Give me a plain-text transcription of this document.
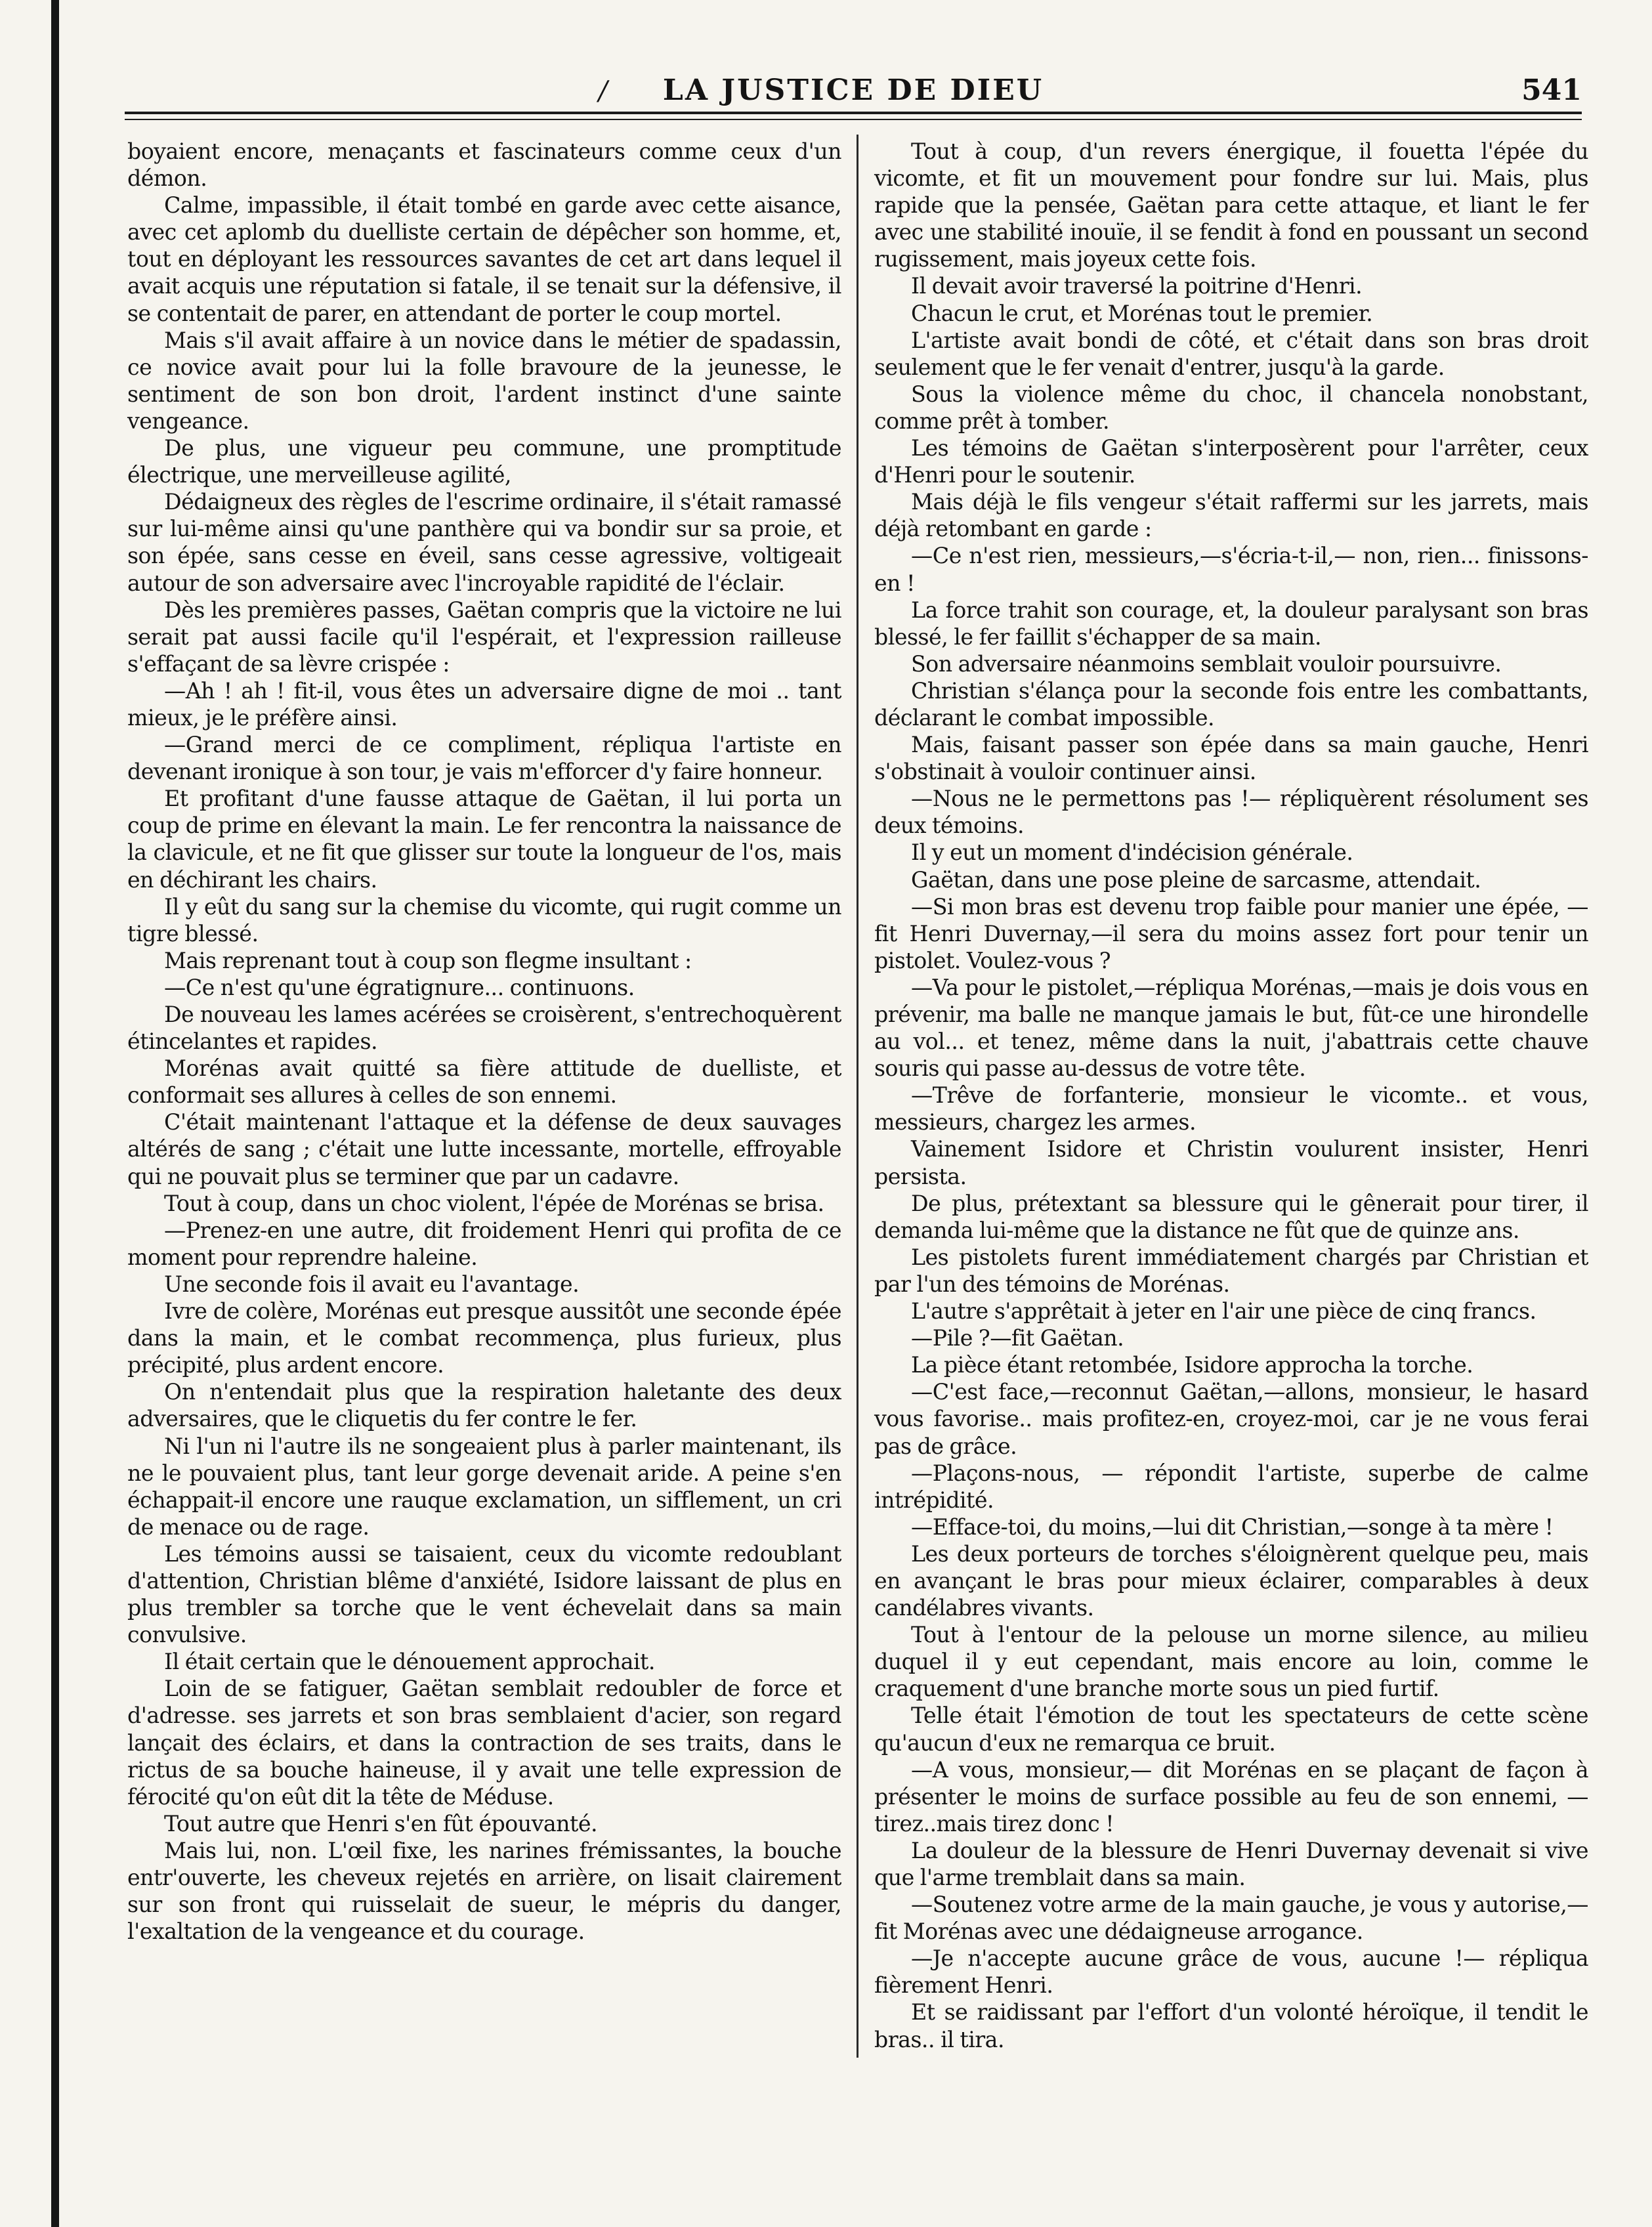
/	LA JUSTICE DE DIEU	541

boyaient encore, menaçants et fascinateurs comme ceux d'un démon.

Calme, impassible, il était tombé en garde avec cette aisance, avec cet aplomb du duelliste certain de dépêcher son homme, et, tout en déployant les ressources savantes de cet art dans lequel il avait acquis une réputation si fatale, il se tenait sur la défensive, il se contentait de parer, en attendant de porter le coup mortel.

Mais s'il avait affaire à un novice dans le métier de spadassin, ce novice avait pour lui la folle bravoure de la jeunesse, le sentiment de son bon droit, l'ardent instinct d'une sainte vengeance.

De plus, une vigueur peu commune, une promptitude électrique, une merveilleuse agilité,

Dédaigneux des règles de l'escrime ordinaire, il s'était ramassé sur lui-même ainsi qu'une panthère qui va bondir sur sa proie, et son épée, sans cesse en éveil, sans cesse agressive, voltigeait autour de son adversaire avec l'incroyable rapidité de l'éclair.

Dès les premières passes, Gaëtan compris que la victoire ne lui serait pat aussi facile qu'il l'espérait, et l'expression railleuse s'effaçant de sa lèvre crispée :

—Ah ! ah ! fit-il, vous êtes un adversaire digne de moi .. tant mieux, je le préfère ainsi.

—Grand merci de ce compliment, répliqua l'artiste en devenant ironique à son tour, je vais m'efforcer d'y faire honneur.

Et profitant d'une fausse attaque de Gaëtan, il lui porta un coup de prime en élevant la main. Le fer rencontra la naissance de la clavicule, et ne fit que glisser sur toute la longueur de l'os, mais en déchirant les chairs.

Il y eût du sang sur la chemise du vicomte, qui rugit comme un tigre blessé.

Mais reprenant tout à coup son flegme insultant :

—Ce n'est qu'une égratignure... continuons.

De nouveau les lames acérées se croisèrent, s'entrechoquèrent étincelantes et rapides.

Morénas avait quitté sa fière attitude de duelliste, et conformait ses allures à celles de son ennemi.

C'était maintenant l'attaque et la défense de deux sauvages altérés de sang ; c'était une lutte incessante, mortelle, effroyable qui ne pouvait plus se terminer que par un cadavre.

Tout à coup, dans un choc violent, l'épée de Morénas se brisa.

—Prenez-en une autre, dit froidement Henri qui profita de ce moment pour reprendre haleine.

Une seconde fois il avait eu l'avantage.

Ivre de colère, Morénas eut presque aussitôt une seconde épée dans la main, et le combat recommença, plus furieux, plus précipité, plus ardent encore.

On n'entendait plus que la respiration haletante des deux adversaires, que le cliquetis du fer contre le fer.

Ni l'un ni l'autre ils ne songeaient plus à parler maintenant, ils ne le pouvaient plus, tant leur gorge devenait aride. A peine s'en échappait-il encore une rauque exclamation, un sifflement, un cri de menace ou de rage.

Les témoins aussi se taisaient, ceux du vicomte redoublant d'attention, Christian blême d'anxiété, Isidore laissant de plus en plus trembler sa torche que le vent échevelait dans sa main convulsive.

Il était certain que le dénouement approchait.

Loin de se fatiguer, Gaëtan semblait redoubler de force et d'adresse. ses jarrets et son bras semblaient d'acier, son regard lançait des éclairs, et dans la contraction de ses traits, dans le rictus de sa bouche haineuse, il y avait une telle expression de férocité qu'on eût dit la tête de Méduse.

Tout autre que Henri s'en fût épouvanté.

Mais lui, non. L'œil fixe, les narines frémissantes, la bouche entr'ouverte, les cheveux rejetés en arrière, on lisait clairement sur son front qui ruisselait de sueur, le mépris du danger, l'exaltation de la vengeance et du courage.

Tout à coup, d'un revers énergique, il fouetta l'épée du vicomte, et fit un mouvement pour fondre sur lui. Mais, plus rapide que la pensée, Gaëtan para cette attaque, et liant le fer avec une stabilité inouïe, il se fendit à fond en poussant un second rugissement, mais joyeux cette fois.

Il devait avoir traversé la poitrine d'Henri.

Chacun le crut, et Morénas tout le premier.

L'artiste avait bondi de côté, et c'était dans son bras droit seulement que le fer venait d'entrer, jusqu'à la garde.

Sous la violence même du choc, il chancela nonobstant, comme prêt à tomber.

Les témoins de Gaëtan s'interposèrent pour l'arrêter, ceux d'Henri pour le soutenir.

Mais déjà le fils vengeur s'était raffermi sur les jarrets, mais déjà retombant en garde :

—Ce n'est rien, messieurs,—s'écria-t-il,— non, rien... finissons-en !

La force trahit son courage, et, la douleur paralysant son bras blessé, le fer faillit s'échapper de sa main.

Son adversaire néanmoins semblait vouloir poursuivre.

Christian s'élança pour la seconde fois entre les combattants, déclarant le combat impossible.

Mais, faisant passer son épée dans sa main gauche, Henri s'obstinait à vouloir continuer ainsi.

—Nous ne le permettons pas !— répliquèrent résolument ses deux témoins.

Il y eut un moment d'indécision générale.

Gaëtan, dans une pose pleine de sarcasme, attendait.

—Si mon bras est devenu trop faible pour manier une épée, —fit Henri Duvernay,—il sera du moins assez fort pour tenir un pistolet. Voulez-vous ?

—Va pour le pistolet,—répliqua Morénas,—mais je dois vous en prévenir, ma balle ne manque jamais le but, fût-ce une hirondelle au vol... et tenez, même dans la nuit, j'abattrais cette chauve souris qui passe au-dessus de votre tête.

—Trêve de forfanterie, monsieur le vicomte.. et vous, messieurs, chargez les armes.

Vainement Isidore et Christin voulurent insister, Henri persista.

De plus, prétextant sa blessure qui le gênerait pour tirer, il demanda lui-même que la distance ne fût que de quinze ans.

Les pistolets furent immédiatement chargés par Christian et par l'un des témoins de Morénas.

L'autre s'apprêtait à jeter en l'air une pièce de cinq francs.

—Pile ?—fit Gaëtan.

La pièce étant retombée, Isidore approcha la torche.

—C'est face,—reconnut Gaëtan,—allons, monsieur, le hasard vous favorise.. mais profitez-en, croyez-moi, car je ne vous ferai pas de grâce.

—Plaçons-nous, — répondit l'artiste, superbe de calme intrépidité.

—Efface-toi, du moins,—lui dit Christian,—songe à ta mère !

Les deux porteurs de torches s'éloignèrent quelque peu, mais en avançant le bras pour mieux éclairer, comparables à deux candélabres vivants.

Tout à l'entour de la pelouse un morne silence, au milieu duquel il y eut cependant, mais encore au loin, comme le craquement d'une branche morte sous un pied furtif.

Telle était l'émotion de tout les spectateurs de cette scène qu'aucun d'eux ne remarqua ce bruit.

—A vous, monsieur,— dit Morénas en se plaçant de façon à présenter le moins de surface possible au feu de son ennemi, —tirez..mais tirez donc !

La douleur de la blessure de Henri Duvernay devenait si vive que l'arme tremblait dans sa main.

—Soutenez votre arme de la main gauche, je vous y autorise,—fit Morénas avec une dédaigneuse arrogance.

—Je n'accepte aucune grâce de vous, aucune !— répliqua fièrement Henri.

Et se raidissant par l'effort d'un volonté héroïque, il tendit le bras.. il tira.
